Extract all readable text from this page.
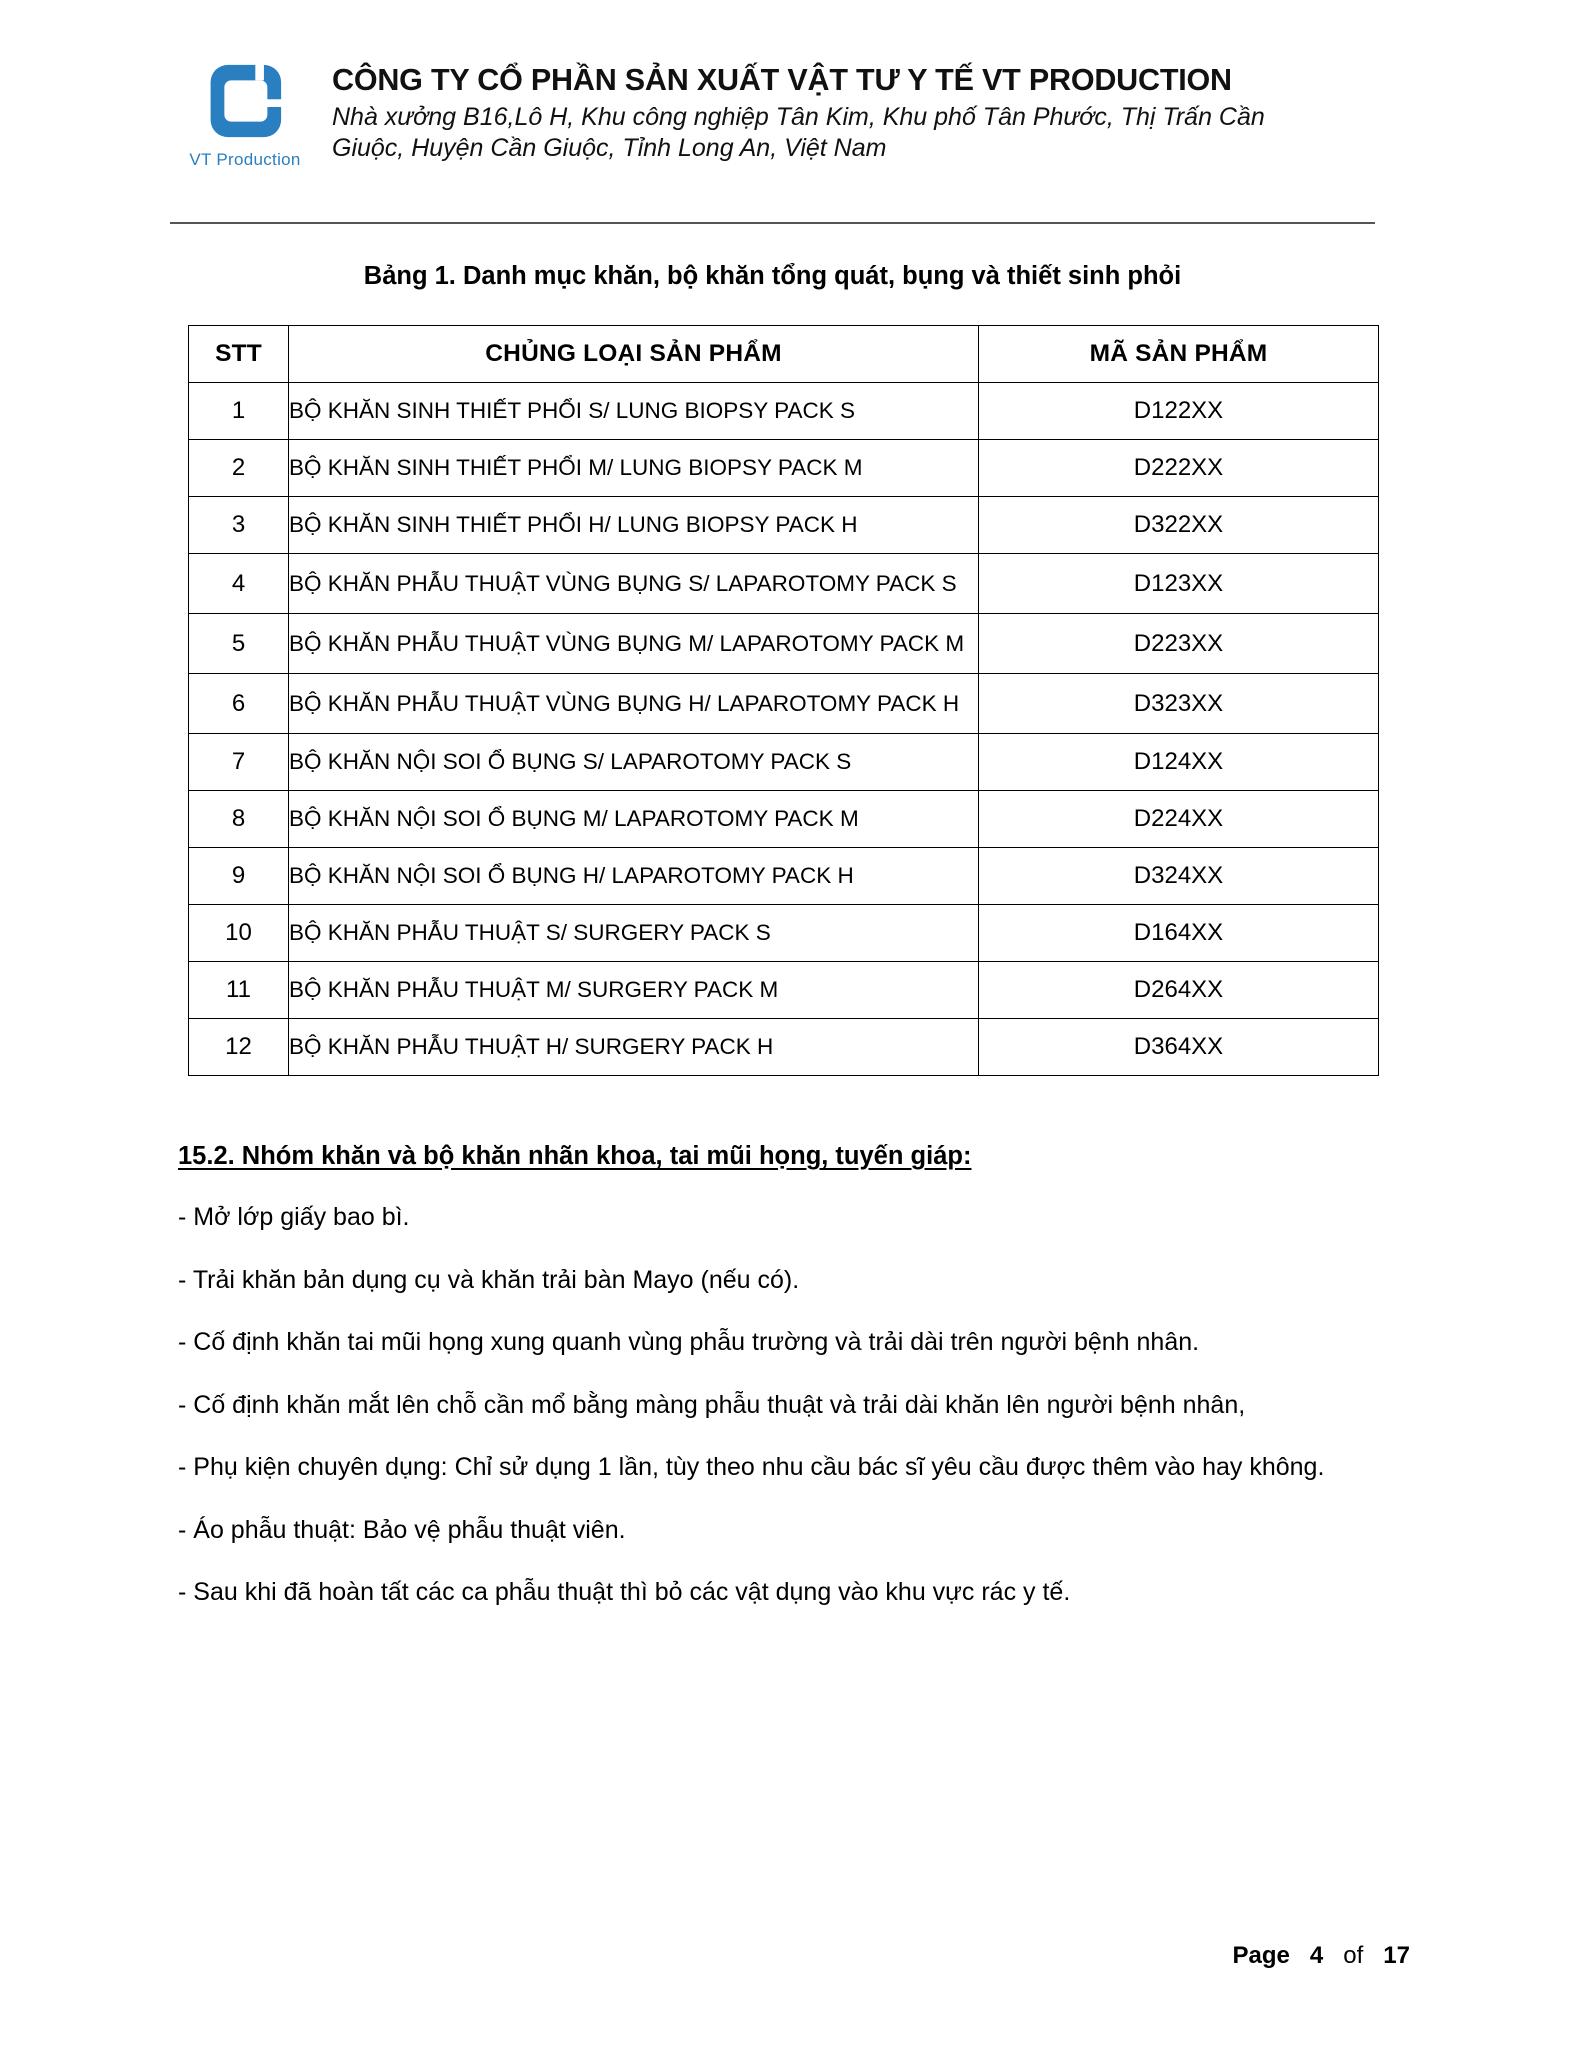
VT Production
CÔNG TY CỔ PHẦN SẢN XUẤT VẬT TƯ Y TẾ VT PRODUCTION
Nhà xưởng B16,Lô H, Khu công nghiệp Tân Kim, Khu phố Tân Phước, Thị Trấn Cần Giuộc, Huyện Cần Giuộc, Tỉnh Long An, Việt Nam
Bảng 1. Danh mục khăn, bộ khăn tổng quát, bụng và thiết sinh phỏi
STT	CHỦNG LOẠI SẢN PHẨM	MÃ SẢN PHẨM
1	BỘ KHĂN SINH THIẾT PHỔI S/ LUNG BIOPSY PACK S	D122XX
2	BỘ KHĂN SINH THIẾT PHỔI M/ LUNG BIOPSY PACK M	D222XX
3	BỘ KHĂN SINH THIẾT PHỔI H/ LUNG BIOPSY PACK H	D322XX
4	BỘ KHĂN PHẪU THUẬT VÙNG BỤNG S/ LAPAROTOMY PACK S	D123XX
5	BỘ KHĂN PHẪU THUẬT VÙNG BỤNG M/ LAPAROTOMY PACK M	D223XX
6	BỘ KHĂN PHẪU THUẬT VÙNG BỤNG H/ LAPAROTOMY PACK H	D323XX
7	BỘ KHĂN NỘI SOI Ổ BỤNG S/ LAPAROTOMY PACK S	D124XX
8	BỘ KHĂN NỘI SOI Ổ BỤNG M/ LAPAROTOMY PACK M	D224XX
9	BỘ KHĂN NỘI SOI Ổ BỤNG H/ LAPAROTOMY PACK H	D324XX
10	BỘ KHĂN PHẪU THUẬT S/ SURGERY PACK S	D164XX
11	BỘ KHĂN PHẪU THUẬT M/ SURGERY PACK M	D264XX
12	BỘ KHĂN PHẪU THUẬT H/ SURGERY PACK H	D364XX
15.2. Nhóm khăn và bộ khăn nhãn khoa, tai mũi họng, tuyến giáp:

- Mở lớp giấy bao bì.

- Trải khăn bản dụng cụ và khăn trải bàn Mayo (nếu có).

- Cố định khăn tai mũi họng xung quanh vùng phẫu trường và trải dài trên người bệnh nhân.

- Cố định khăn mắt lên chỗ cần mổ bằng màng phẫu thuật và trải dài khăn lên người bệnh nhân,

- Phụ kiện chuyên dụng: Chỉ sử dụng 1 lần, tùy theo nhu cầu bác sĩ yêu cầu được thêm vào hay không.

- Áo phẫu thuật: Bảo vệ phẫu thuật viên.

- Sau khi đã hoàn tất các ca phẫu thuật thì bỏ các vật dụng vào khu vực rác y tế.

Page 4 of 17
